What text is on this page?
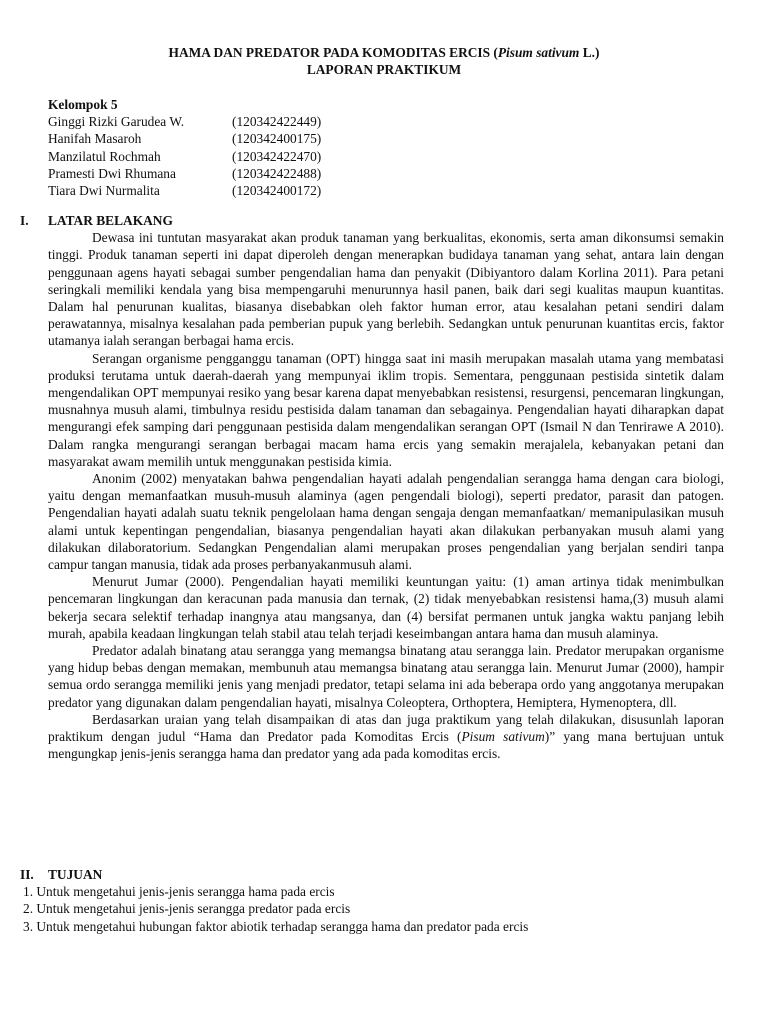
HAMA DAN PREDATOR PADA KOMODITAS ERCIS (Pisum sativum L.)
LAPORAN PRAKTIKUM
Kelompok 5
Ginggi Rizki Garudea W.	(120342422449)
Hanifah Masaroh	(120342400175)
Manzilatul Rochmah	(120342422470)
Pramesti Dwi Rhumana	(120342422488)
Tiara Dwi Nurmalita	(120342400172)
I.	LATAR BELAKANG

Dewasa ini tuntutan masyarakat akan produk tanaman yang berkualitas, ekonomis, serta aman dikonsumsi semakin tinggi. Produk tanaman seperti ini dapat diperoleh dengan menerapkan budidaya tanaman yang sehat, antara lain dengan penggunaan agens hayati sebagai sumber pengendalian hama dan penyakit (Dibiyantoro dalam Korlina 2011). Para petani seringkali memiliki kendala yang bisa mempengaruhi menurunnya hasil panen, baik dari segi kualitas maupun kuantitas. Dalam hal penurunan kualitas, biasanya disebabkan oleh faktor human error, atau kesalahan petani sendiri dalam perawatannya, misalnya kesalahan pada pemberian pupuk yang berlebih. Sedangkan untuk penurunan kuantitas ercis, faktor utamanya ialah serangan berbagai hama ercis.

Serangan organisme pengganggu tanaman (OPT) hingga saat ini masih merupakan masalah utama yang membatasi produksi terutama untuk daerah-daerah yang mempunyai iklim tropis. Sementara, penggunaan pestisida sintetik dalam mengendalikan OPT mempunyai resiko yang besar karena dapat menyebabkan resistensi, resurgensi, pencemaran lingkungan, musnahnya musuh alami, timbulnya residu pestisida dalam tanaman dan sebagainya. Pengendalian hayati diharapkan dapat mengurangi efek samping dari penggunaan pestisida dalam mengendalikan serangan OPT (Ismail N dan Tenrirawe A 2010). Dalam rangka mengurangi serangan berbagai macam hama ercis yang semakin merajalela, kebanyakan petani dan masyarakat awam memilih untuk menggunakan pestisida kimia.

Anonim (2002) menyatakan bahwa pengendalian hayati adalah pengendalian serangga hama dengan cara biologi, yaitu dengan memanfaatkan musuh-musuh alaminya (agen pengendali biologi), seperti predator, parasit dan patogen. Pengendalian hayati adalah suatu teknik pengelolaan hama dengan sengaja dengan memanfaatkan/ memanipulasikan musuh alami untuk kepentingan pengendalian, biasanya pengendalian hayati akan dilakukan perbanyakan musuh alami yang dilakukan dilaboratorium. Sedangkan Pengendalian alami merupakan proses pengendalian yang berjalan sendiri tanpa campur tangan manusia, tidak ada proses perbanyakanmusuh alami.

Menurut Jumar (2000). Pengendalian hayati memiliki keuntungan yaitu: (1) aman artinya tidak menimbulkan pencemaran lingkungan dan keracunan pada manusia dan ternak, (2) tidak menyebabkan resistensi hama,(3) musuh alami bekerja secara selektif terhadap inangnya atau mangsanya, dan (4) bersifat permanen untuk jangka waktu panjang lebih murah, apabila keadaan lingkungan telah stabil atau telah terjadi keseimbangan antara hama dan musuh alaminya.

Predator adalah binatang atau serangga yang memangsa binatang atau serangga lain. Predator merupakan organisme yang hidup bebas dengan memakan, membunuh atau memangsa binatang atau serangga lain. Menurut Jumar (2000), hampir semua ordo serangga memiliki jenis yang menjadi predator, tetapi selama ini ada beberapa ordo yang anggotanya merupakan predator yang digunakan dalam pengendalian hayati, misalnya Coleoptera, Orthoptera, Hemiptera, Hymenoptera, dll.

Berdasarkan uraian yang telah disampaikan di atas dan juga praktikum yang telah dilakukan, disusunlah laporan praktikum dengan judul “Hama dan Predator pada Komoditas Ercis (Pisum sativum)” yang mana bertujuan untuk mengungkap jenis-jenis serangga hama dan predator yang ada pada komoditas ercis.

II.	TUJUAN
1. Untuk mengetahui jenis-jenis serangga hama pada ercis
2. Untuk mengetahui jenis-jenis serangga predator pada ercis
3. Untuk mengetahui hubungan faktor abiotik terhadap serangga hama dan predator pada ercis
